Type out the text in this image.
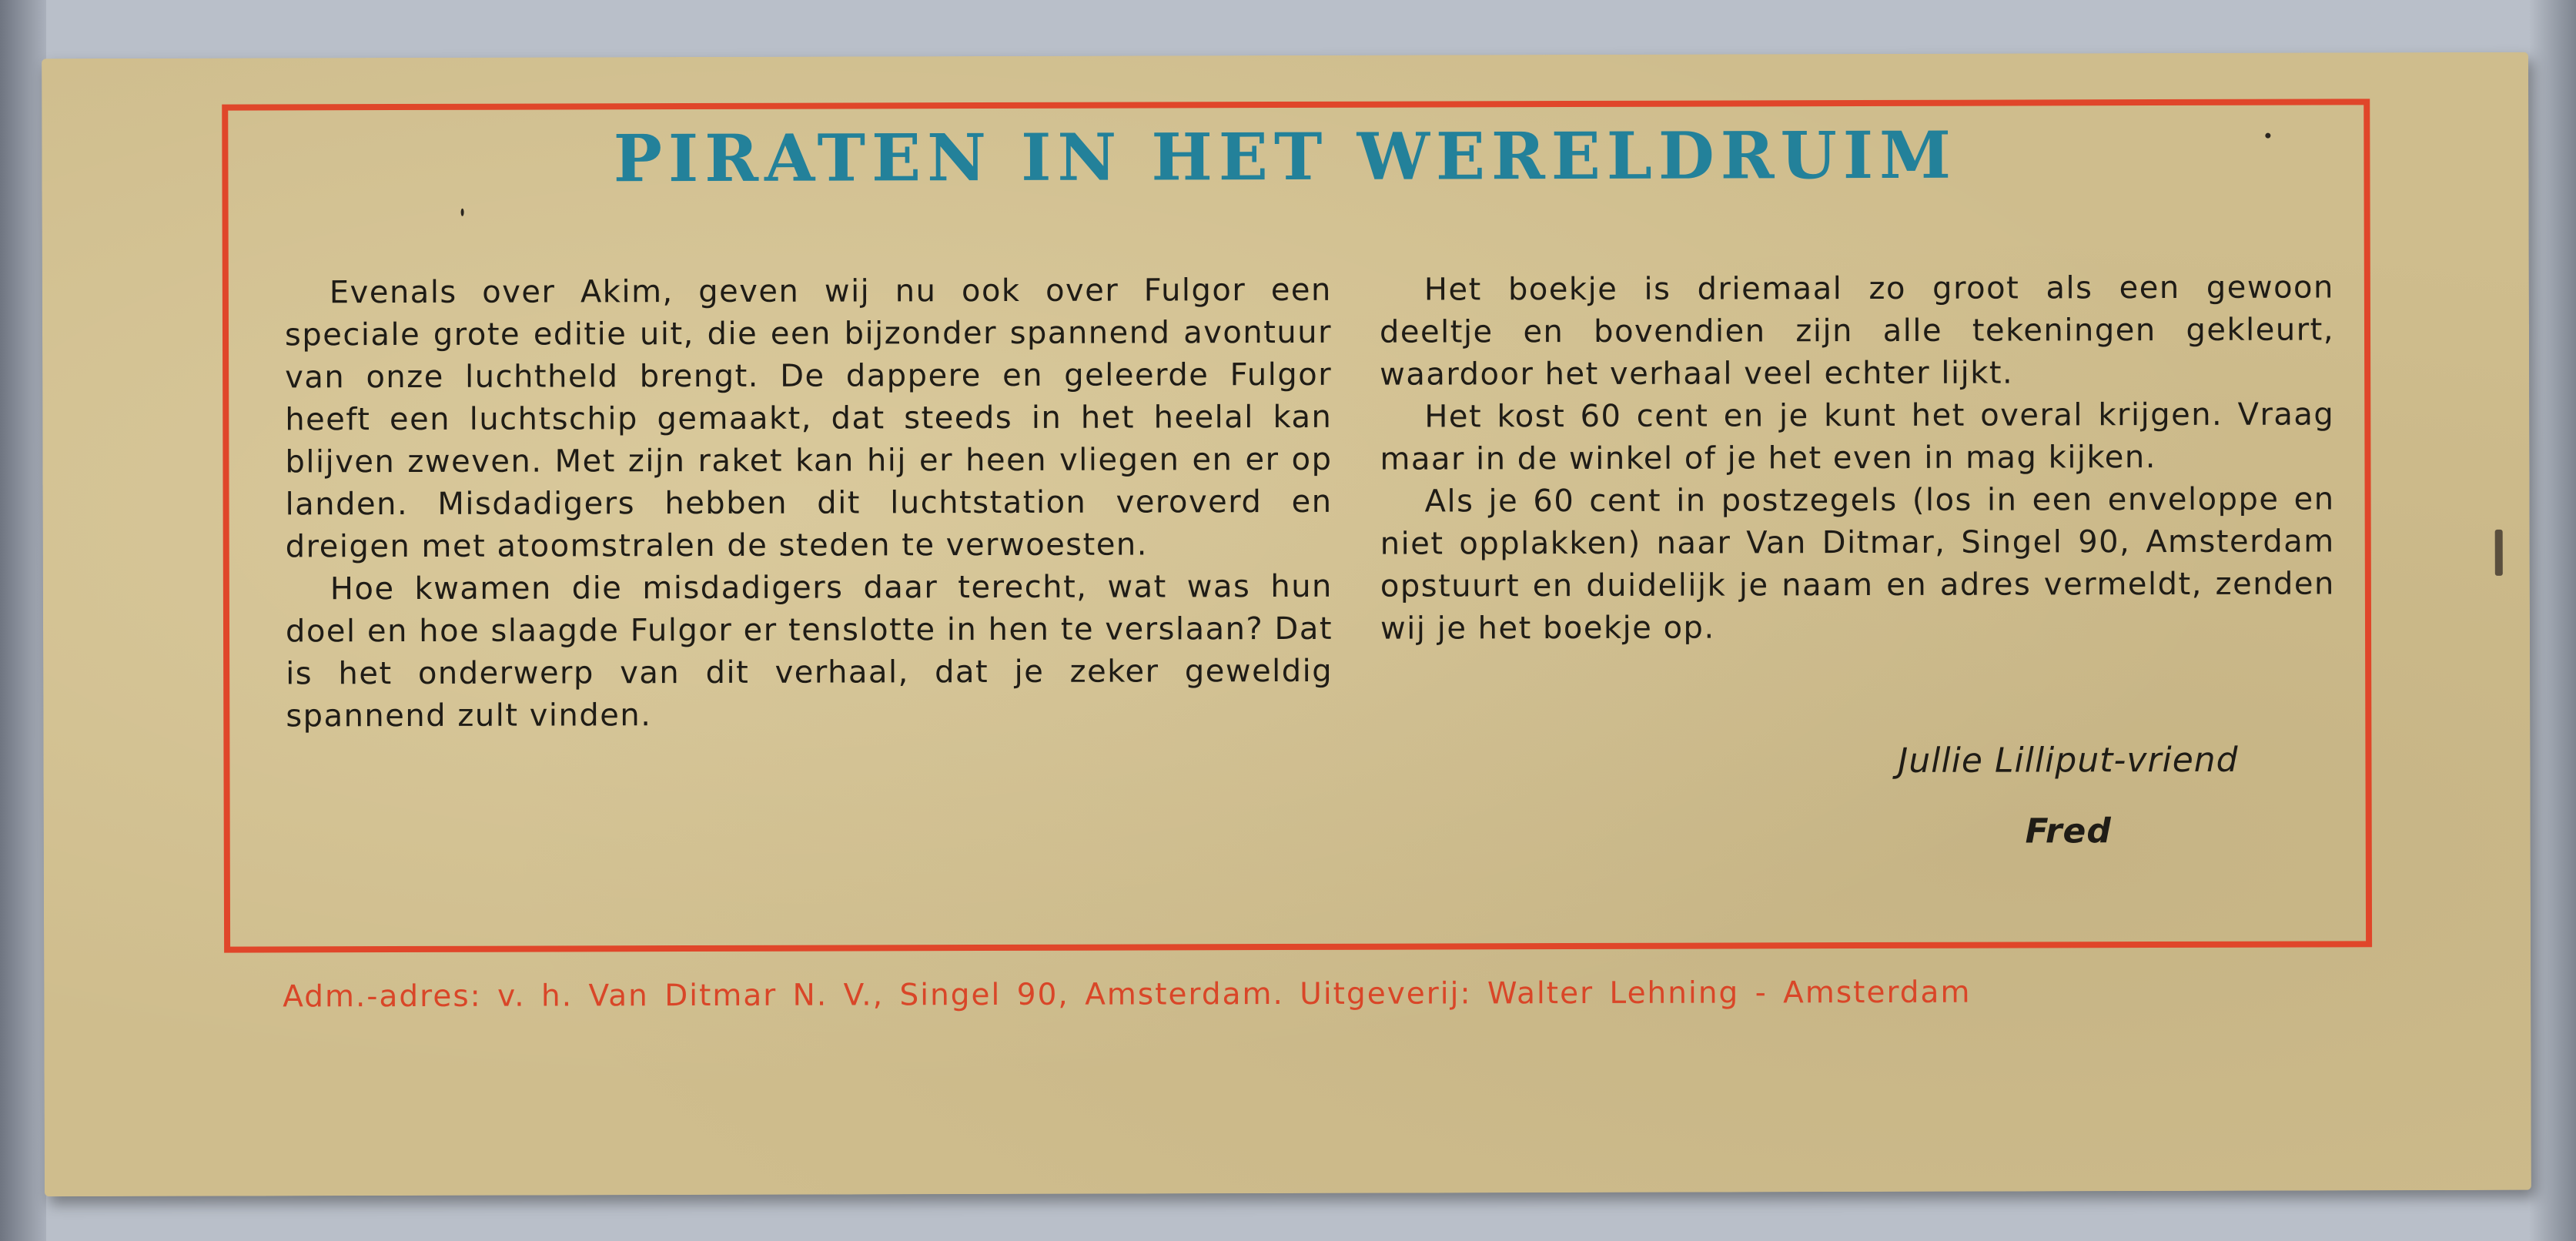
PIRATEN IN HET WERELDRUIM

Evenals over Akim, geven wij nu ook over Fulgor een speciale grote editie uit, die een bijzonder spannend avontuur van onze luchtheld brengt. De dappere en geleerde Fulgor heeft een luchtschip gemaakt, dat steeds in het heelal kan blijven zweven. Met zijn raket kan hij er heen vliegen en er op landen. Misdadigers hebben dit luchtstation veroverd en dreigen met atoomstralen de steden te verwoesten.

Hoe kwamen die misdadigers daar terecht, wat was hun doel en hoe slaagde Fulgor er tenslotte in hen te verslaan? Dat is het onderwerp van dit verhaal, dat je zeker geweldig spannend zult vinden.

Het boekje is driemaal zo groot als een gewoon deeltje en bovendien zijn alle tekeningen gekleurt, waardoor het verhaal veel echter lijkt.

Het kost 60 cent en je kunt het overal krijgen. Vraag maar in de winkel of je het even in mag kijken.

Als je 60 cent in postzegels (los in een enveloppe en niet opplakken) naar Van Ditmar, Singel 90, Amsterdam opstuurt en duidelijk je naam en adres vermeldt, zenden wij je het boekje op.

Jullie Lilliput-vriend
Fred
Adm.-adres: v. h. Van Ditmar N. V., Singel 90, Amsterdam. Uitgeverij: Walter Lehning - Amsterdam
